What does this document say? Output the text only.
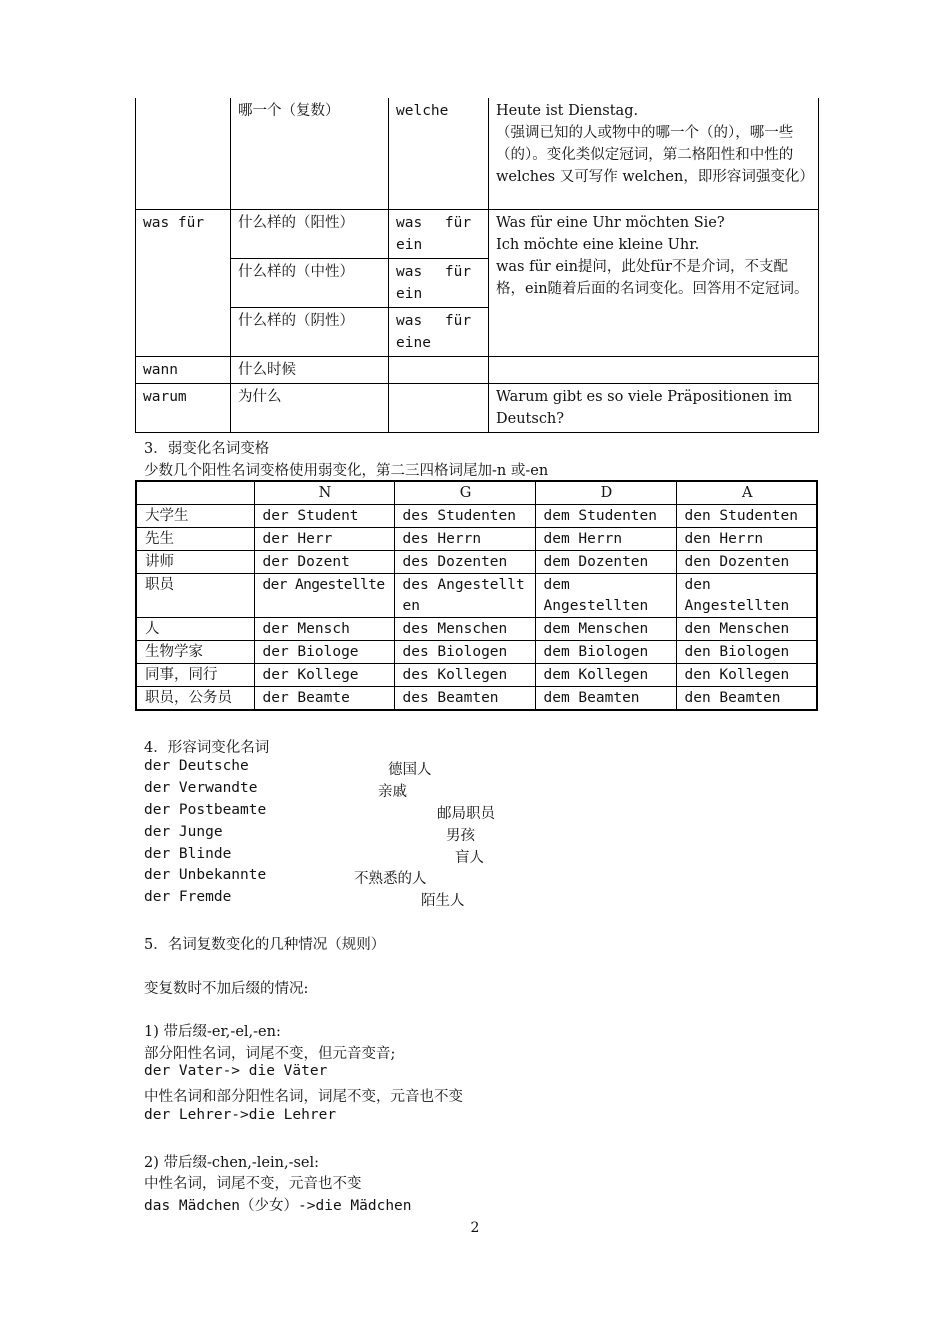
	哪一个（复数）	welche	Heute ist Dienstag.
（强调已知的人或物中的哪一个（的），哪一些（的）。变化类似定冠词，第二格阳性和中性的 welches 又可写作 welchen，即形容词强变化）
was für	什么样的（阳性）	was für ein	Was für eine Uhr möchten Sie?
Ich möchte eine kleine Uhr.
was für ein提问，此处für不是介词，不支配格，ein随着后面的名词变化。回答用不定冠词。
	什么样的（中性）	was für ein	
	什么样的（阴性）	was für eine	
wann	什么时候		
warum	为什么		Warum gibt es so viele Präpositionen im Deutsch?
3．弱变化名词变格
少数几个阳性名词变格使用弱变化，第二三四格词尾加-n 或-en
	N	G	D	A
大学生	der Student	des Studenten	dem Studenten	den Studenten
先生	der Herr	des Herrn	dem Herrn	den Herrn
讲师	der Dozent	des Dozenten	dem Dozenten	den Dozenten
职员	der Angestellte	des Angestellten	dem Angestellten	den Angestellten
人	der Mensch	des Menschen	dem Menschen	den Menschen
生物学家	der Biologe	des Biologen	dem Biologen	den Biologen
同事，同行	der Kollege	des Kollegen	dem Kollegen	den Kollegen
职员，公务员	der Beamte	des Beamten	dem Beamten	den Beamten
4．形容词变化名词
der Deutsche	德国人
der Verwandte	亲戚
der Postbeamte	邮局职员
der Junge	男孩
der Blinde	盲人
der Unbekannte	不熟悉的人
der Fremde	陌生人
5．名词复数变化的几种情况（规则）
变复数时不加后缀的情况:
1) 带后缀-er,-el,-en:
部分阳性名词，词尾不变，但元音变音;
der Vater-> die Väter
中性名词和部分阳性名词，词尾不变，元音也不变
der Lehrer->die Lehrer
2) 带后缀-chen,-lein,-sel:
中性名词，词尾不变，元音也不变
das Mädchen（少女）->die Mädchen
2
